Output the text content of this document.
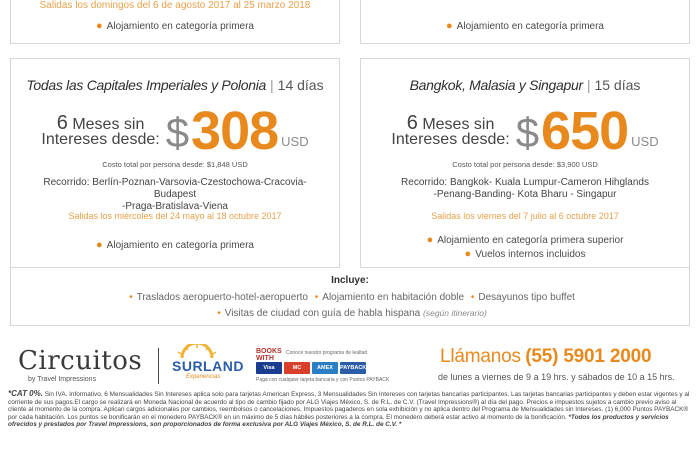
Salidas los domingos del 6 de agosto 2017 al 25 marzo 2018
● Alojamiento en categoría primera	● Alojamiento en categoría primera
Todas las Capitales Imperiales y Polonia | 14 días
6 Meses sin
Intereses desde: $ 308 USD
Costo total por persona desde: $1,848 USD
Recorrido: Berlín-Poznan-Varsovia-Czestochowa-Cracovia-Budapest
-Praga-Bratislava-Viena
Salidas los miércoles del 24 mayo al 18 octubre 2017
● Alojamiento en categoría primera
Bangkok, Malasia y Singapur | 15 días
6 Meses sin
Intereses desde: $ 650 USD
Costo total por persona desde: $3,900 USD
Recorrido: Bangkok- Kuala Lumpur-Cameron Hihglands
-Penang-Banding- Kota Bharu - Singapur
Salidas los viernes del 7 julio al 6 octubre 2017
● Alojamiento en categoría primera superior
● Vuelos internos incluidos
Incluye:
• Traslados aeropuerto-hotel-aeropuerto • Alojamiento en habitación doble • Desayunos tipo buffet
• Visitas de ciudad con guía de habla hispana (según itinerario)
Circuitos
by Travel Impressions
SURLAND
Experiencias
BOOKS
WITH
Conoce nuestro programa de lealtad
Visa	MC	AMEX	PAYBACK
Paga con cualquier tarjeta bancaria y con Puntos PAYBACK
Llámanos (55) 5901 2000
de lunes a viernes de 9 a 19 hrs. y sábados de 10 a 15 hrs.
*CAT 0%. Sin IVA. Informativo. 6 Mensualidades Sin Intereses aplica solo para tarjetas American Express, 3 Mensualidades Sin Intereses con tarjetas bancarias participantes. Las tarjetas bancarias participantes y deben estar vigentes y al corriente de sus pagos.El cargo se realizará en Moneda Nacional de acuerdo al tipo de cambio fijado por ALG Viajes México, S. de R.L. de C.V. (Travel Impressions®) al día del pago. Precios e impuestos sujetos a cambio previo aviso al cliente al momento de la compra. Aplican cargos adicionales por cambios, reembolsos o cancelaciones. Impuestos pagaderos en sola exhibición y no aplica dentro del Programa de Mensualidades sin Intereses. (1) 6,000 Puntos PAYBACK® por cada habitación. Los puntos se bonificarán en el monedero PAYBACK® en un máximo de 5 días hábiles posteriores a la compra. El monedero deberá estar activo al momento de la bonificación. *Todos los productos y servicios ofrecidos y prestados por Travel Impressions, son proporcionados de forma exclusiva por ALG Viajes México, S. de R.L. de C.V. *
